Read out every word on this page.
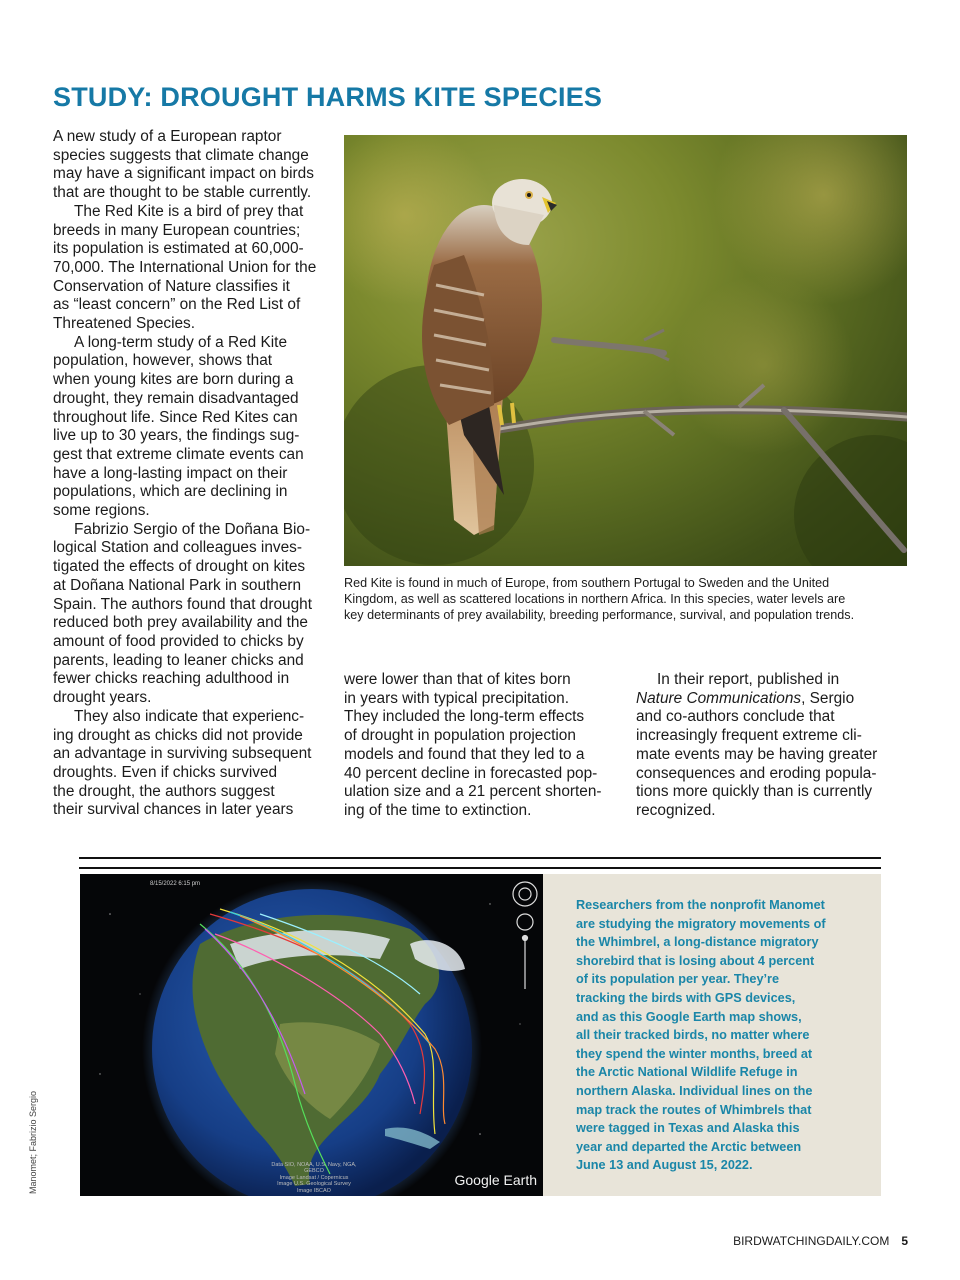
STUDY: DROUGHT HARMS KITE SPECIES

A new study of a European raptor
species suggests that climate change
may have a significant impact on birds
that are thought to be stable currently.

The Red Kite is a bird of prey that
breeds in many European countries;
its population is estimated at 60,000-
70,000. The International Union for the
Conservation of Nature classifies it
as “least concern” on the Red List of
Threatened Species.

A long-term study of a Red Kite
population, however, shows that
when young kites are born during a
drought, they remain disadvantaged
throughout life. Since Red Kites can
live up to 30 years, the findings sug-
gest that extreme climate events can
have a long-lasting impact on their
populations, which are declining in
some regions.

Fabrizio Sergio of the Doñana Bio-
logical Station and colleagues inves-
tigated the effects of drought on kites
at Doñana National Park in southern
Spain. The authors found that drought
reduced both prey availability and the
amount of food provided to chicks by
parents, leading to leaner chicks and
fewer chicks reaching adulthood in
drought years.

They also indicate that experienc-
ing drought as chicks did not provide
an advantage in surviving subsequent
droughts. Even if chicks survived
the drought, the authors suggest
their survival chances in later years

Red Kite is found in much of Europe, from southern Portugal to Sweden and the United
Kingdom, as well as scattered locations in northern Africa. In this species, water levels are
key determinants of prey availability, breeding performance, survival, and population trends.

were lower than that of kites born
in years with typical precipitation.
They included the long-term effects
of drought in population projection
models and found that they led to a
40 percent decline in forecasted pop-
ulation size and a 21 percent shorten-
ing of the time to extinction.

In their report, published in
Nature Communications, Sergio
and co-authors conclude that
increasingly frequent extreme cli-
mate events may be having greater
consequences and eroding popula-
tions more quickly than is currently
recognized.

8/15/2022 6:15 pm
Data SIO, NOAA, U.S. Navy, NGA, GEBCO
Image Landsat / Copernicus
Image U.S. Geological Survey
Image IBCAO
Google Earth
Researchers from the nonprofit Manomet
are studying the migratory movements of
the Whimbrel, a long-distance migratory
shorebird that is losing about 4 percent
of its population per year. They’re
tracking the birds with GPS devices,
and as this Google Earth map shows,
all their tracked birds, no matter where
they spend the winter months, breed at
the Arctic National Wildlife Refuge in
northern Alaska. Individual lines on the
map track the routes of Whimbrels that
were tagged in Texas and Alaska this
year and departed the Arctic between
June 13 and August 15, 2022.
Manomet; Fabrizio Sergio
BIRDWATCHINGDAILY.COM 5
